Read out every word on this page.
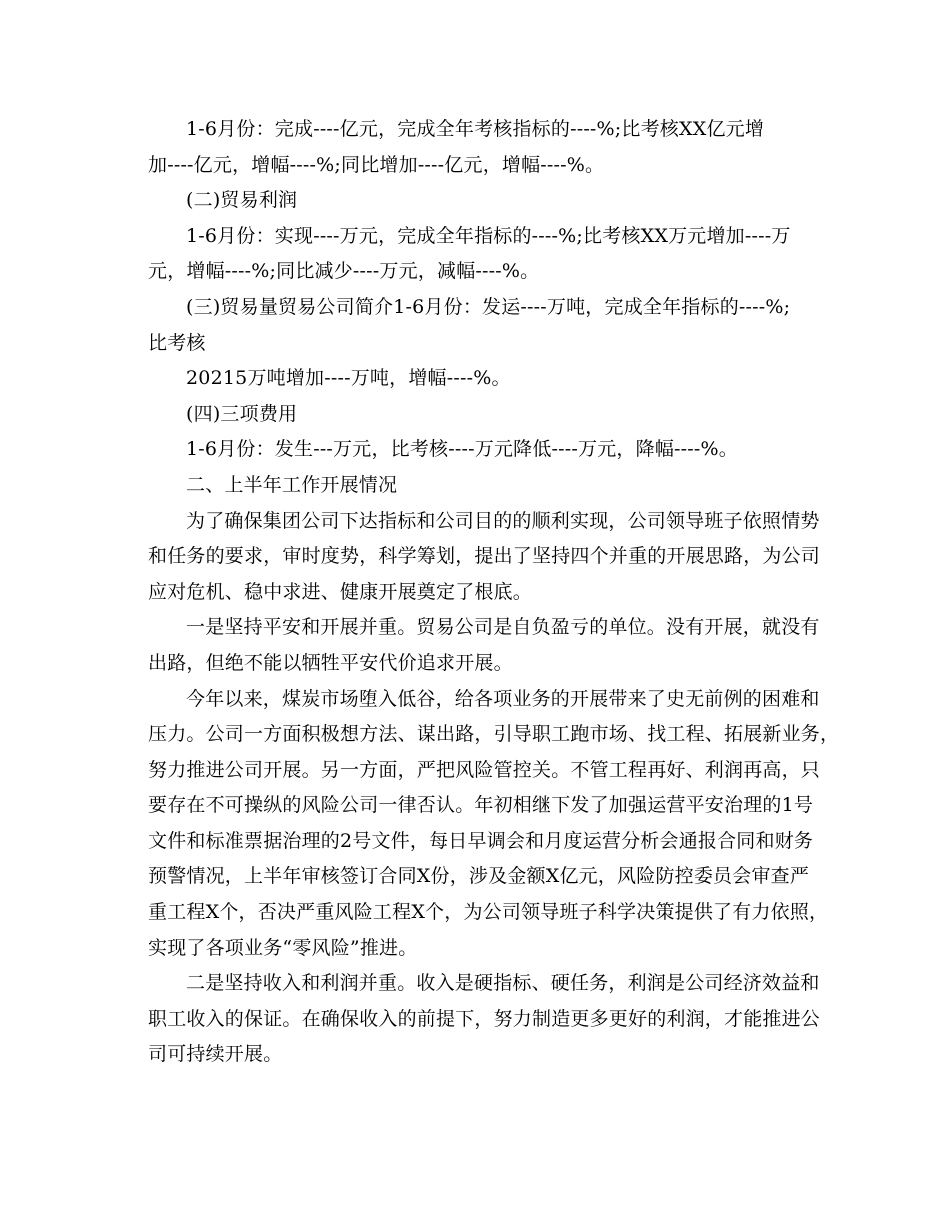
1-6月份：完成----亿元，完成全年考核指标的----%;比考核XX亿元增
加----亿元，增幅----%;同比增加----亿元，增幅----%。

(二)贸易利润

1-6月份：实现----万元，完成全年指标的----%;比考核XX万元增加----万
元，增幅----%;同比减少----万元，减幅----%。

(三)贸易量贸易公司简介1-6月份：发运----万吨，完成全年指标的----%;
比考核

20215万吨增加----万吨，增幅----%。

(四)三项费用

1-6月份：发生---万元，比考核----万元降低----万元，降幅----%。

二、上半年工作开展情况

为了确保集团公司下达指标和公司目的的顺利实现，公司领导班子依照情势
和任务的要求，审时度势，科学筹划，提出了坚持四个并重的开展思路，为公司
应对危机、稳中求进、健康开展奠定了根底。

一是坚持平安和开展并重。贸易公司是自负盈亏的单位。没有开展，就没有
出路，但绝不能以牺牲平安代价追求开展。

今年以来，煤炭市场堕入低谷，给各项业务的开展带来了史无前例的困难和
压力。公司一方面积极想方法、谋出路，引导职工跑市场、找工程、拓展新业务，
努力推进公司开展。另一方面，严把风险管控关。不管工程再好、利润再高，只
要存在不可操纵的风险公司一律否认。年初相继下发了加强运营平安治理的1号
文件和标准票据治理的2号文件，每日早调会和月度运营分析会通报合同和财务
预警情况，上半年审核签订合同X份，涉及金额X亿元，风险防控委员会审查严
重工程X个，否决严重风险工程X个，为公司领导班子科学决策提供了有力依照，
实现了各项业务“零风险”推进。

二是坚持收入和利润并重。收入是硬指标、硬任务，利润是公司经济效益和
职工收入的保证。在确保收入的前提下，努力制造更多更好的利润，才能推进公
司可持续开展。
